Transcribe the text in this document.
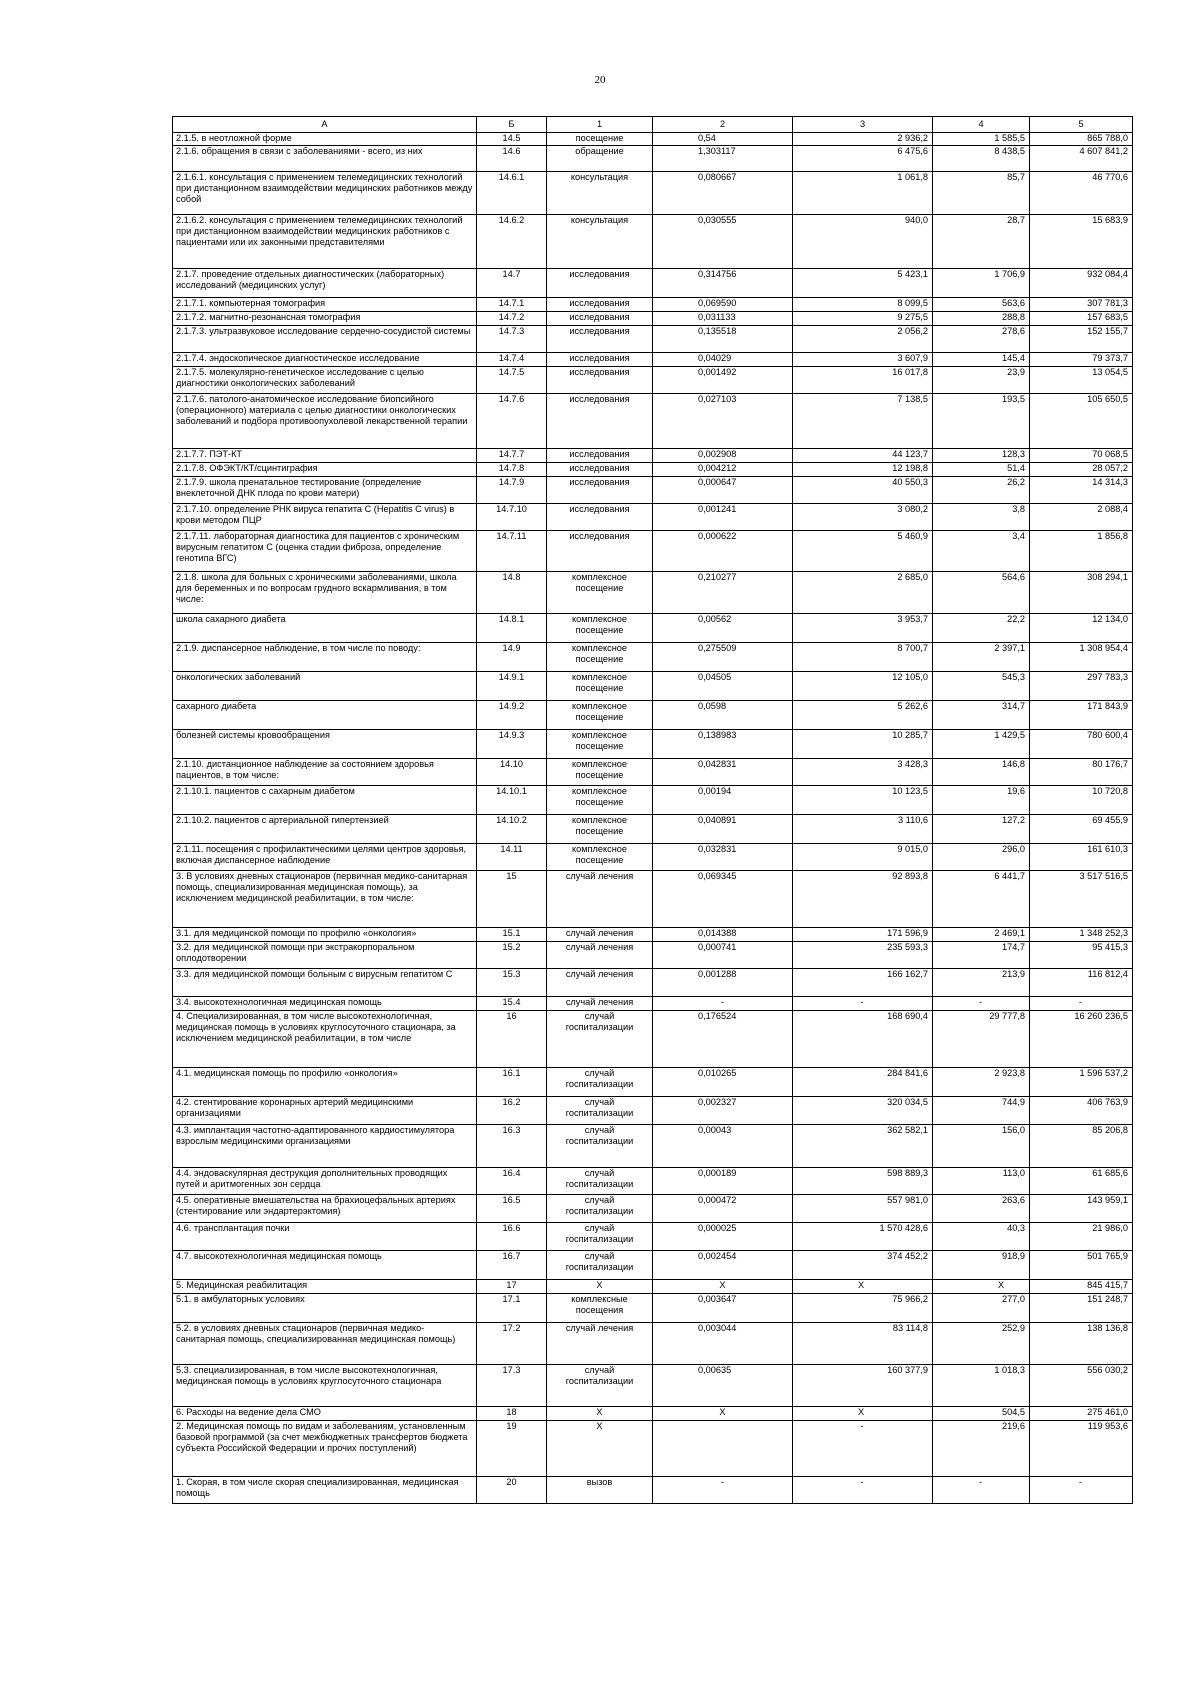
20
А	Б	1	2	3	4	5
2.1.5. в неотложной форме	14.5	посещение	0,54	2 936,2	1 585,5	865 788,0
2.1.6. обращения в связи с заболеваниями - всего, из них	14.6	обращение	1,303117	6 475,6	8 438,5	4 607 841,2
2.1.6.1. консультация с применением телемедицинских технологий при дистанционном взаимодействии медицинских работников между собой	14.6.1	консультация	0,080667	1 061,8	85,7	46 770,6
2.1.6.2. консультация с применением телемедицинских технологий при дистанционном взаимодействии медицинских работников с пациентами или их законными представителями	14.6.2	консультация	0,030555	940,0	28,7	15 683,9
2.1.7. проведение отдельных диагностических (лабораторных) исследований (медицинских услуг)	14.7	исследования	0,314756	5 423,1	1 706,9	932 084,4
2.1.7.1. компьютерная томография	14.7.1	исследования	0,069590	8 099,5	563,6	307 781,3
2.1.7.2. магнитно-резонансная томография	14.7.2	исследования	0,031133	9 275,5	288,8	157 683,5
2.1.7.3. ультразвуковое исследование сердечно-сосудистой системы	14.7.3	исследования	0,135518	2 056,2	278,6	152 155,7
2.1.7.4. эндоскопическое диагностическое исследование	14.7.4	исследования	0,04029	3 607,9	145,4	79 373,7
2.1.7.5. молекулярно-генетическое исследование с целью диагностики онкологических заболеваний	14.7.5	исследования	0,001492	16 017,8	23,9	13 054,5
2.1.7.6. патолого-анатомическое исследование биопсийного (операционного) материала с целью диагностики онкологических заболеваний и подбора противоопухолевой лекарственной терапии	14.7.6	исследования	0,027103	7 138,5	193,5	105 650,5
2.1.7.7. ПЭТ-КТ	14.7.7	исследования	0,002908	44 123,7	128,3	70 068,5
2.1.7.8. ОФЭКТ/КТ/сцинтиграфия	14.7.8	исследования	0,004212	12 198,8	51,4	28 057,2
2.1.7.9. школа пренатальное тестирование (определение внеклеточной ДНК плода по крови матери)	14.7.9	исследования	0,000647	40 550,3	26,2	14 314,3
2.1.7.10. определение РНК вируса гепатита С (Hepatitis C virus) в крови методом ПЦР	14.7.10	исследования	0,001241	3 080,2	3,8	2 088,4
2.1.7.11. лабораторная диагностика для пациентов с хроническим вирусным гепатитом С (оценка стадии фиброза, определение генотипа ВГС)	14.7.11	исследования	0,000622	5 460,9	3,4	1 856,8
2.1.8. школа для больных с хроническими заболеваниями, школа для беременных и по вопросам грудного вскармливания, в том числе:	14.8	комплексное посещение	0,210277	2 685,0	564,6	308 294,1
школа сахарного диабета	14.8.1	комплексное посещение	0,00562	3 953,7	22,2	12 134,0
2.1.9. диспансерное наблюдение, в том числе по поводу:	14.9	комплексное посещение	0,275509	8 700,7	2 397,1	1 308 954,4
онкологических заболеваний	14.9.1	комплексное посещение	0,04505	12 105,0	545,3	297 783,3
сахарного диабета	14.9.2	комплексное посещение	0,0598	5 262,6	314,7	171 843,9
болезней системы кровообращения	14.9.3	комплексное посещение	0,138983	10 285,7	1 429,5	780 600,4
2.1.10. дистанционное наблюдение за состоянием здоровья пациентов, в том числе:	14.10	комплексное посещение	0,042831	3 428,3	146,8	80 176,7
2.1.10.1. пациентов с сахарным диабетом	14.10.1	комплексное посещение	0,00194	10 123,5	19,6	10 720,8
2.1.10.2. пациентов с артериальной гипертензией	14.10.2	комплексное посещение	0,040891	3 110,6	127,2	69 455,9
2.1.11. посещения с профилактическими целями центров здоровья, включая диспансерное наблюдение	14.11	комплексное посещение	0,032831	9 015,0	296,0	161 610,3
3. В условиях дневных стационаров (первичная медико-санитарная помощь, специализированная медицинская помощь), за исключением медицинской реабилитации, в том числе:	15	случай лечения	0,069345	92 893,8	6 441,7	3 517 516,5
3.1. для медицинской помощи по профилю «онкология»	15.1	случай лечения	0,014388	171 596,9	2 469,1	1 348 252,3
3.2. для медицинской помощи при экстракорпоральном оплодотворении	15.2	случай лечения	0,000741	235 593,3	174,7	95 415,3
3.3. для медицинской помощи больным с вирусным гепатитом С	15.3	случай лечения	0,001288	166 162,7	213,9	116 812,4
3.4. высокотехнологичная медицинская помощь	15.4	случай лечения	-	-	-	-
4. Специализированная, в том числе высокотехнологичная, медицинская помощь в условиях круглосуточного стационара, за исключением медицинской реабилитации, в том числе	16	случай госпитализации	0,176524	168 690,4	29 777,8	16 260 236,5
4.1. медицинская помощь по профилю «онкология»	16.1	случай госпитализации	0,010265	284 841,6	2 923,8	1 596 537,2
4.2. стентирование коронарных артерий медицинскими организациями	16.2	случай госпитализации	0,002327	320 034,5	744,9	406 763,9
4.3. имплантация частотно-адаптированного кардиостимулятора взрослым медицинскими организациями	16.3	случай госпитализации	0,00043	362 582,1	156,0	85 206,8
4.4. эндоваскулярная деструкция дополнительных проводящих путей и аритмогенных зон сердца	16.4	случай госпитализации	0,000189	598 889,3	113,0	61 685,6
4.5. оперативные вмешательства на брахиоцефальных артериях (стентирование или эндартерэктомия)	16.5	случай госпитализации	0,000472	557 981,0	263,6	143 959,1
4.6. трансплантация почки	16.6	случай госпитализации	0,000025	1 570 428,6	40,3	21 986,0
4.7. высокотехнологичная медицинская помощь	16.7	случай госпитализации	0,002454	374 452,2	918,9	501 765,9
5. Медицинская реабилитация	17	X	X	X	X	845 415,7
5.1. в амбулаторных условиях	17.1	комплексные посещения	0,003647	75 966,2	277,0	151 248,7
5.2. в условиях дневных стационаров (первичная медико-санитарная помощь, специализированная медицинская помощь)	17.2	случай лечения	0,003044	83 114,8	252,9	138 136,8
5.3. специализированная, в том числе высокотехнологичная, медицинская помощь в условиях круглосуточного стационара	17.3	случай госпитализации	0,00635	160 377,9	1 018,3	556 030,2
6. Расходы на ведение дела СМО	18	X	X	X	504,5	275 461,0
2. Медицинская помощь по видам и заболеваниям, установленным базовой программой (за счет межбюджетных трансфертов бюджета субъекта Российской Федерации и прочих поступлений)	19	X		-	219,6	119 953,6
1. Скорая, в том числе скорая специализированная, медицинская помощь	20	вызов	-	-	-	-
